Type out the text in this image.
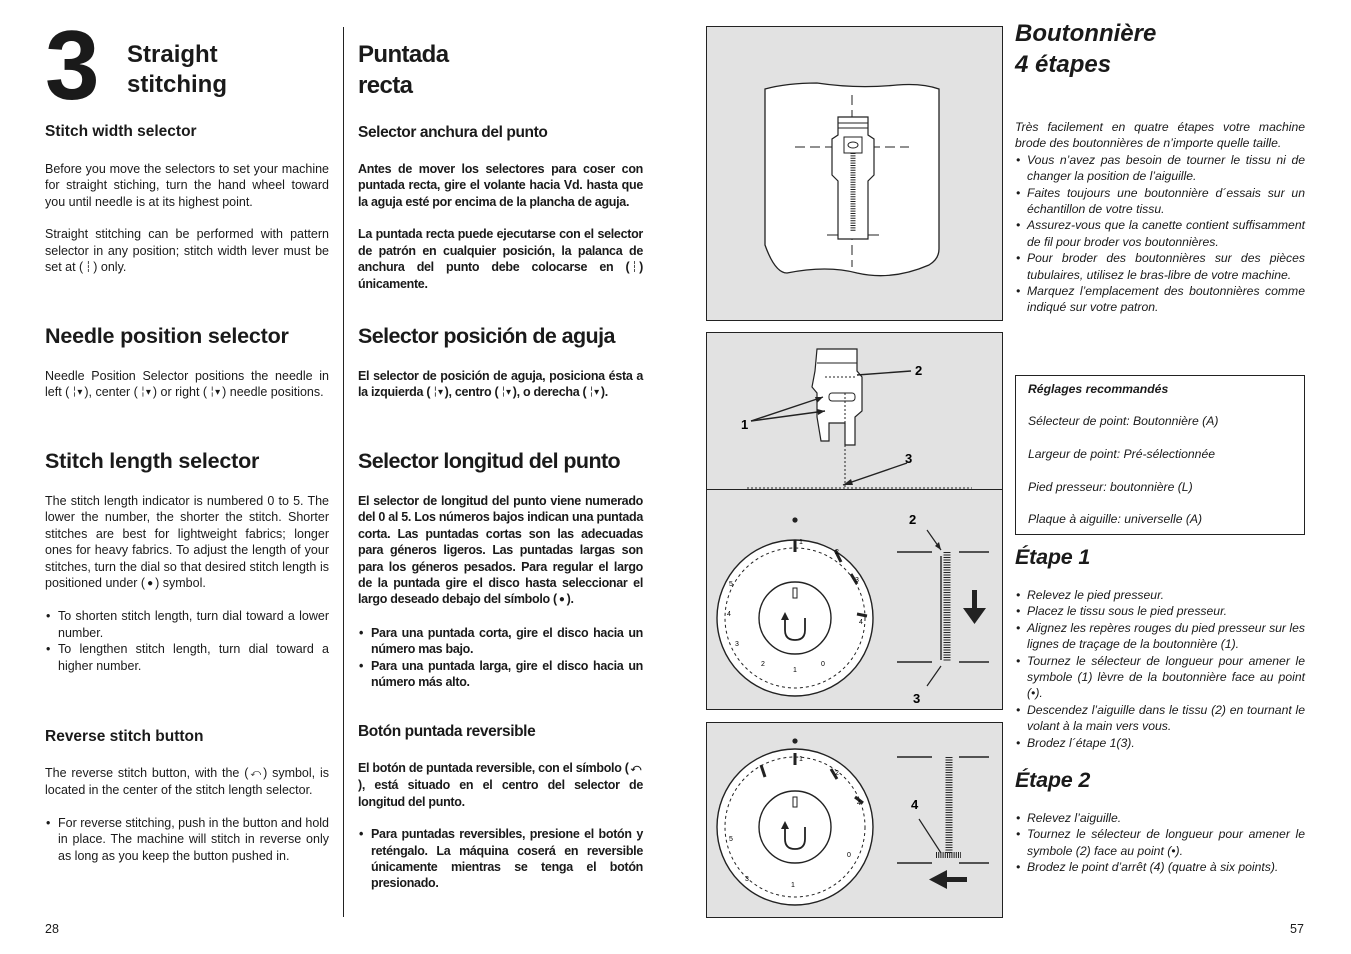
3 Straight
stitching
Stitch width selector

Before you move the selectors to set your machine for straight stiching, turn the hand wheel toward you until needle is at its highest point.

Straight stitching can be performed with pattern selector in any position; stitch width lever must be set at ( ┆ ) only.

Needle position selector

Needle Position Selector positions the needle in left ( ╎▾ ), center ( ╎▾ ) or right ( ╎▾ ) needle positions.

Stitch length selector

The stitch length indicator is numbered 0 to 5. The lower the number, the shorter the stitch. Shorter stitches are best for lightweight fabrics; longer ones for heavy fabrics. To adjust the length of your stitches, turn the dial so that desired stitch length is positioned under ( ● ) symbol.

• To shorten stitch length, turn dial toward a lower number.
• To lengthen stitch length, turn dial toward a higher number.
Reverse stitch button

The reverse stitch button, with the ( ⤺ ) symbol, is located in the center of the stitch length selector.

• For reverse stitching, push in the button and hold in place. The machine will stitch in reverse only as long as you keep the button pushed in.
28
Puntada
recta
Selector anchura del punto

Antes de mover los selectores para coser con puntada recta, gire el volante hacia Vd. hasta que la aguja esté por encima de la plancha de aguja.

La puntada recta puede ejecutarse con el selector de patrón en cualquier posición, la palanca de anchura del punto debe colocarse en ( ┆ ) únicamente.

Selector posición de aguja

El selector de posición de aguja, posiciona ésta a la izquierda ( ╎▾ ), centro ( ╎▾ ), o derecha ( ╎▾ ).

Selector longitud del punto

El selector de longitud del punto viene numerado del 0 al 5. Los números bajos indican una puntada corta. Las puntadas cortas son las adecuadas para géneros ligeros. Las puntadas largas son para los géneros pesados. Para regular el largo de la puntada gire el disco hasta seleccionar el largo deseado debajo del símbolo ( ● ).

• Para una puntada corta, gire el disco hacia un número mas bajo.
• Para una puntada larga, gire el disco hacia un número más alto.
Botón puntada reversible

El botón de puntada reversible, con el símbolo ( ⤺), está situado en el centro del selector de longitud del punto.

• Para puntadas reversibles, presione el botón y reténgalo. La máquina coserá en reversible únicamente mientras se tenga el botón presionado.
1
2
3
1
2
3
4
5
4
3
2
1
0
2
3
1
2
4
5
3
1
0
4
Boutonnière
4 étapes

Très facilement en quatre étapes votre machine brode des boutonnières de n’importe quelle taille.

• Vous n’avez pas besoin de tourner le tissu ni de changer la position de l’aiguille.
• Faites toujours une boutonnière d´essais sur un échantillon de votre tissu.
• Assurez-vous que la canette contient suffisamment de fil pour broder vos boutonnières.
• Pour broder des boutonnières sur des pièces tubulaires, utilisez le bras-libre de votre machine.
• Marquez l’emplacement des boutonnières comme indiqué sur votre patron.

Réglages recommandés

Sélecteur de point: Boutonnière (A)

Largeur de point: Pré-sélectionnée

Pied presseur: boutonnière (L)

Plaque à aiguille: universelle (A)

Étape 1
• Relevez le pied presseur.
• Placez le tissu sous le pied presseur.
• Alignez les repères rouges du pied presseur sur les lignes de traçage de la boutonnière (1).
• Tournez le sélecteur de longueur pour amener le symbole (1) lèvre de la boutonnière face au point (•).
• Descendez l’aiguille dans le tissu (2) en tournant le volant à la main vers vous.
• Brodez l´étape 1(3).
Étape 2
• Relevez l’aiguille.
• Tournez le sélecteur de longueur pour amener le symbole (2) face au point (•).
• Brodez le point d’arrêt (4) (quatre à six points).
57
